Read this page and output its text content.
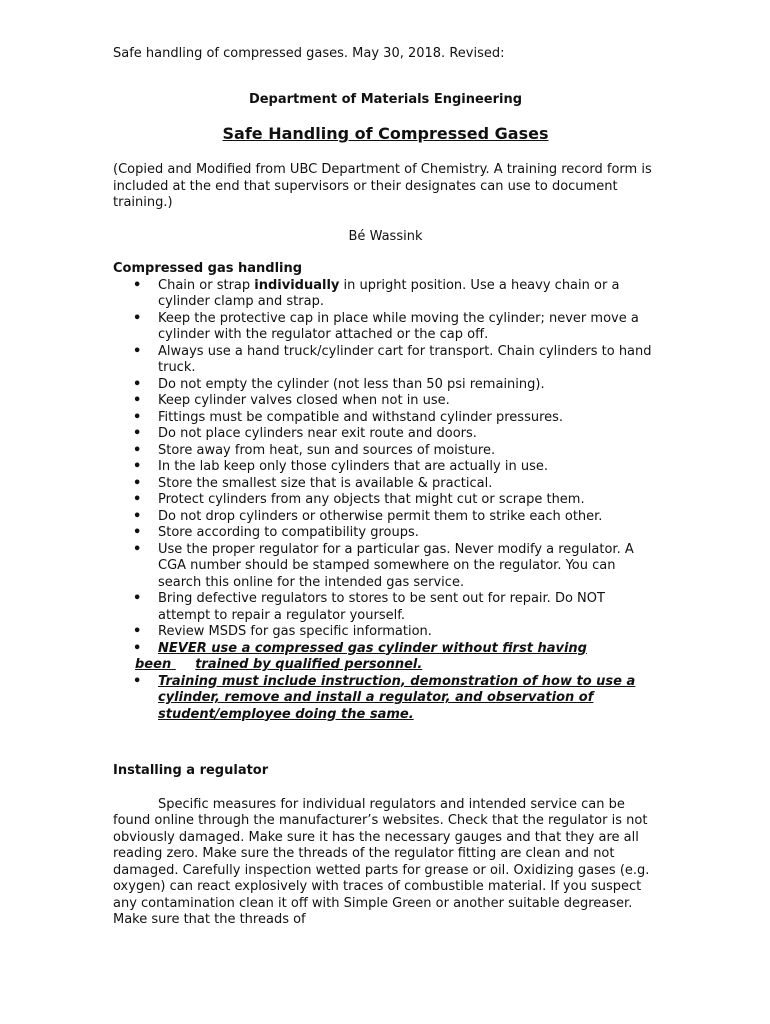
Safe handling of compressed gases. May 30, 2018. Revised:

Department of Materials Engineering

Safe Handling of Compressed Gases

(Copied and Modified from UBC Department of Chemistry. A training record form is included at the end that supervisors or their designates can use to document training.)

Bé Wassink

Compressed gas handling

• Chain or strap individually in upright position. Use a heavy chain or a cylinder clamp and strap.
• Keep the protective cap in place while moving the cylinder; never move a cylinder with the regulator attached or the cap off.
• Always use a hand truck/cylinder cart for transport. Chain cylinders to hand truck.
• Do not empty the cylinder (not less than 50 psi remaining).
• Keep cylinder valves closed when not in use.
• Fittings must be compatible and withstand cylinder pressures.
• Do not place cylinders near exit route and doors.
• Store away from heat, sun and sources of moisture.
• In the lab keep only those cylinders that are actually in use.
• Store the smallest size that is available & practical.
• Protect cylinders from any objects that might cut or scrape them.
• Do not drop cylinders or otherwise permit them to strike each other.
• Store according to compatibility groups.
• Use the proper regulator for a particular gas. Never modify a regulator. A CGA number should be stamped somewhere on the regulator. You can search this online for the intended gas service.
• Bring defective regulators to stores to be sent out for repair. Do NOT attempt to repair a regulator yourself.
• Review MSDS for gas specific information.
•	NEVER use a compressed gas cylinder without first having
been trained by qualified personnel.
• Training must include instruction, demonstration of how to use a cylinder, remove and install a regulator, and observation of student/employee doing the same.

Installing a regulator

Specific measures for individual regulators and intended service can be found online through the manufacturer’s websites. Check that the regulator is not obviously damaged. Make sure it has the necessary gauges and that they are all reading zero. Make sure the threads of the regulator fitting are clean and not damaged. Carefully inspection wetted parts for grease or oil. Oxidizing gases (e.g. oxygen) can react explosively with traces of combustible material. If you suspect any contamination clean it off with Simple Green or another suitable degreaser. Make sure that the threads of
